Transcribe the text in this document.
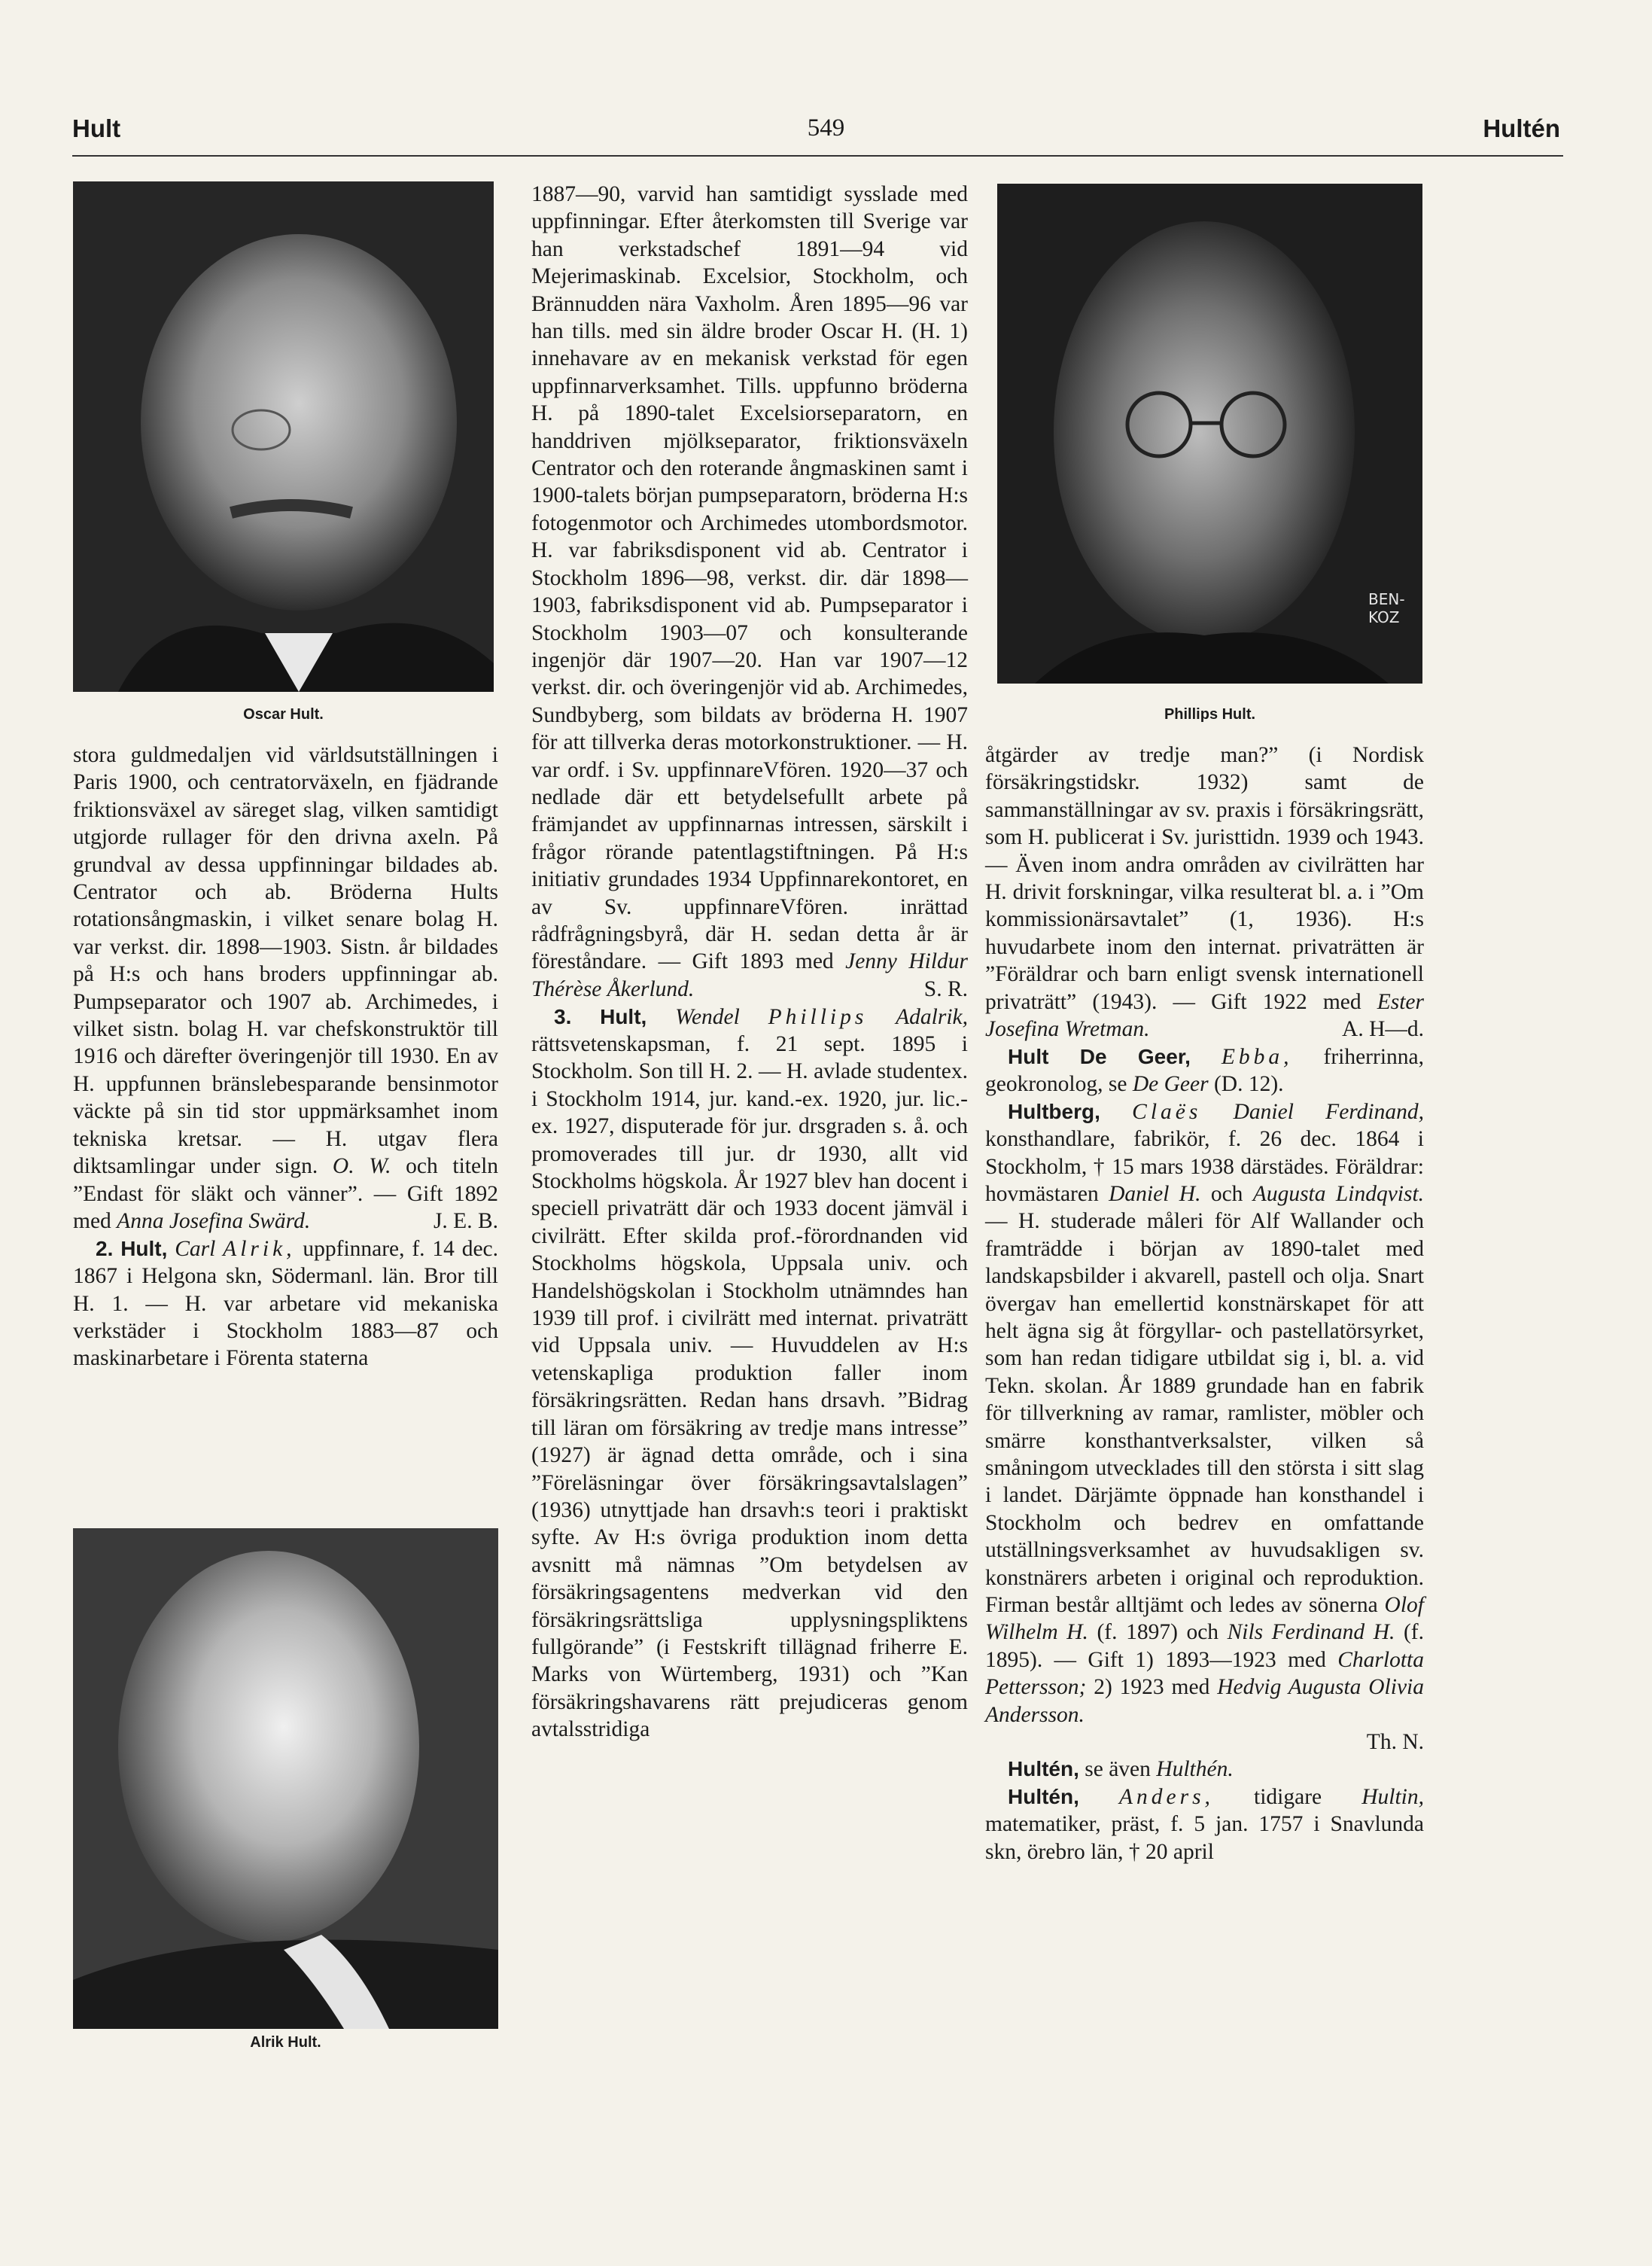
Hult	549	Hultén
Oscar Hult.
BEN-KOZ
Phillips Hult.
Alrik Hult.

stora guldmedaljen vid världsutställningen i Paris 1900, och centratorväxeln, en fjädrande friktionsväxel av säreget slag, vilken samtidigt utgjorde rullager för den drivna axeln. På grundval av dessa uppfinningar bildades ab. Centrator och ab. Bröderna Hults rotationsångmaskin, i vilket senare bolag H. var verkst. dir. 1898—1903. Sistn. år bildades på H:s och hans broders uppfinningar ab. Pumpseparator och 1907 ab. Archimedes, i vilket sistn. bolag H. var chefskonstruktör till 1916 och därefter överingenjör till 1930. En av H. uppfunnen bränslebesparande bensinmotor väckte på sin tid stor uppmärksamhet inom tekniska kretsar. — H. utgav flera diktsamlingar under sign. O. W. och titeln ”Endast för släkt och vänner”. — Gift 1892 med Anna Josefina Swärd.	J. E. B.

2. Hult, Carl Alrik, uppfinnare, f. 14 dec. 1867 i Helgona skn, Södermanl. län. Bror till H. 1. — H. var arbetare vid mekaniska verkstäder i Stockholm 1883—87 och maskinarbetare i Förenta staterna

1887—90, varvid han samtidigt sysslade med uppfinningar. Efter återkomsten till Sverige var han verkstadschef 1891—94 vid Mejerimaskinab. Excelsior, Stockholm, och Brännudden nära Vaxholm. Åren 1895—96 var han tills. med sin äldre broder Oscar H. (H. 1) innehavare av en mekanisk verkstad för egen uppfinnarverksamhet. Tills. uppfunno bröderna H. på 1890-talet Excelsiorseparatorn, en handdriven mjölkseparator, friktionsväxeln Centrator och den roterande ångmaskinen samt i 1900-talets början pumpseparatorn, bröderna H:s fotogenmotor och Archimedes utombordsmotor. H. var fabriksdisponent vid ab. Centrator i Stockholm 1896—98, verkst. dir. där 1898—1903, fabriksdisponent vid ab. Pumpseparator i Stockholm 1903—07 och konsulterande ingenjör där 1907—20. Han var 1907—12 verkst. dir. och överingenjör vid ab. Archimedes, Sundbyberg, som bildats av bröderna H. 1907 för att tillverka deras motorkonstruktioner. — H. var ordf. i Sv. uppfinnareVfören. 1920—37 och nedlade där ett betydelsefullt arbete på främjandet av uppfinnarnas intressen, särskilt i frågor rörande patentlagstiftningen. På H:s initiativ grundades 1934 Uppfinnarekontoret, en av Sv. uppfinnareVfören. inrättad rådfrågningsbyrå, där H. sedan detta år är föreståndare. — Gift 1893 med Jenny Hildur Thérèse Åkerlund.	S. R.

3. Hult, Wendel Phillips Adalrik, rättsvetenskapsman, f. 21 sept. 1895 i Stockholm. Son till H. 2. — H. avlade studentex. i Stockholm 1914, jur. kand.-ex. 1920, jur. lic.-ex. 1927, disputerade för jur. drsgraden s. å. och promoverades till jur. dr 1930, allt vid Stockholms högskola. År 1927 blev han docent i speciell privaträtt där och 1933 docent jämväl i civilrätt. Efter skilda prof.-förordnanden vid Stockholms högskola, Uppsala univ. och Handelshögskolan i Stockholm utnämndes han 1939 till prof. i civilrätt med internat. privaträtt vid Uppsala univ. — Huvuddelen av H:s vetenskapliga produktion faller inom försäkringsrätten. Redan hans drsavh. ”Bidrag till läran om försäkring av tredje mans intresse” (1927) är ägnad detta område, och i sina ”Föreläsningar över försäkringsavtalslagen” (1936) utnyttjade han drsavh:s teori i praktiskt syfte. Av H:s övriga produktion inom detta avsnitt må nämnas ”Om betydelsen av försäkringsagentens medverkan vid den försäkringsrättsliga upplysningspliktens fullgörande” (i Festskrift tillägnad friherre E. Marks von Würtemberg, 1931) och ”Kan försäkringshavarens rätt prejudiceras genom avtalsstridiga

åtgärder av tredje man?” (i Nordisk försäkringstidskr. 1932) samt de sammanställningar av sv. praxis i försäkringsrätt, som H. publicerat i Sv. juristtidn. 1939 och 1943. — Även inom andra områden av civilrätten har H. drivit forskningar, vilka resulterat bl. a. i ”Om kommissionärsavtalet” (1, 1936). H:s huvudarbete inom den internat. privaträtten är ”Föräldrar och barn enligt svensk internationell privaträtt” (1943). — Gift 1922 med Ester Josefina Wretman.	A. H—d.

Hult De Geer, Ebba, friherrinna, geokronolog, se De Geer (D. 12).

Hultberg, Claës Daniel Ferdinand, konsthandlare, fabrikör, f. 26 dec. 1864 i Stockholm, † 15 mars 1938 därstädes. Föräldrar: hovmästaren Daniel H. och Augusta Lindqvist. — H. studerade måleri för Alf Wallander och framträdde i början av 1890-talet med landskapsbilder i akvarell, pastell och olja. Snart övergav han emellertid konstnärskapet för att helt ägna sig åt förgyllar- och pastellatörsyrket, som han redan tidigare utbildat sig i, bl. a. vid Tekn. skolan. År 1889 grundade han en fabrik för tillverkning av ramar, ramlister, möbler och smärre konsthantverksalster, vilken så småningom utvecklades till den största i sitt slag i landet. Därjämte öppnade han konsthandel i Stockholm och bedrev en omfattande utställningsverksamhet av huvudsakligen sv. konstnärers arbeten i original och reproduktion. Firman består alltjämt och ledes av sönerna Olof Wilhelm H. (f. 1897) och Nils Ferdinand H. (f. 1895). — Gift 1) 1893—1923 med Charlotta Pettersson; 2) 1923 med Hedvig Augusta Olivia Andersson.

Th. N.

Hultén, se även Hulthén.

Hultén, Anders, tidigare Hultin, matematiker, präst, f. 5 jan. 1757 i Snavlunda skn, örebro län, † 20 april
